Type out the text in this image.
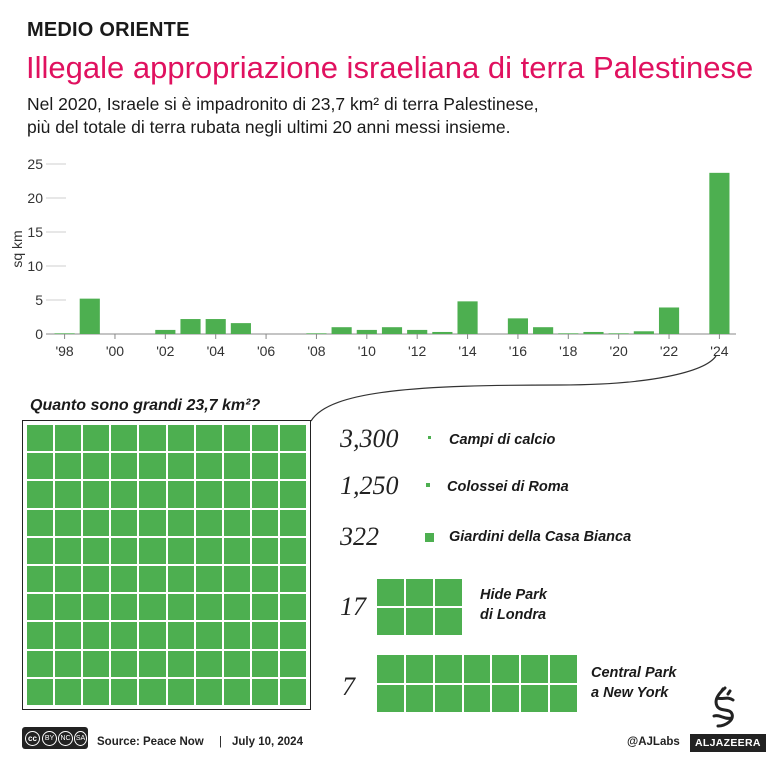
MEDIO ORIENTE
Illegale appropriazione israeliana di terra Palestinese
Nel 2020, Israele si è impadronito di 23,7 km² di terra Palestinese,
più del totale di terra rubata negli ultimi 20 anni messi insieme.
0
5
10
15
20
25
sq km
'98 '00 '02 '04 '06 '08 '10 '12 '14 '16 '18 '20 '22 '24
Quanto sono grandi 23,7 km²?
3,300	Campi di calcio
1,250	Colossei di Roma
322	Giardini della Casa Bianca
17	Hide Park
di Londra
7	Central Park
a New York
cc	BY NC SA Source: Peace Now | July 10, 2024	@AJLabs	ALJAZEERA
